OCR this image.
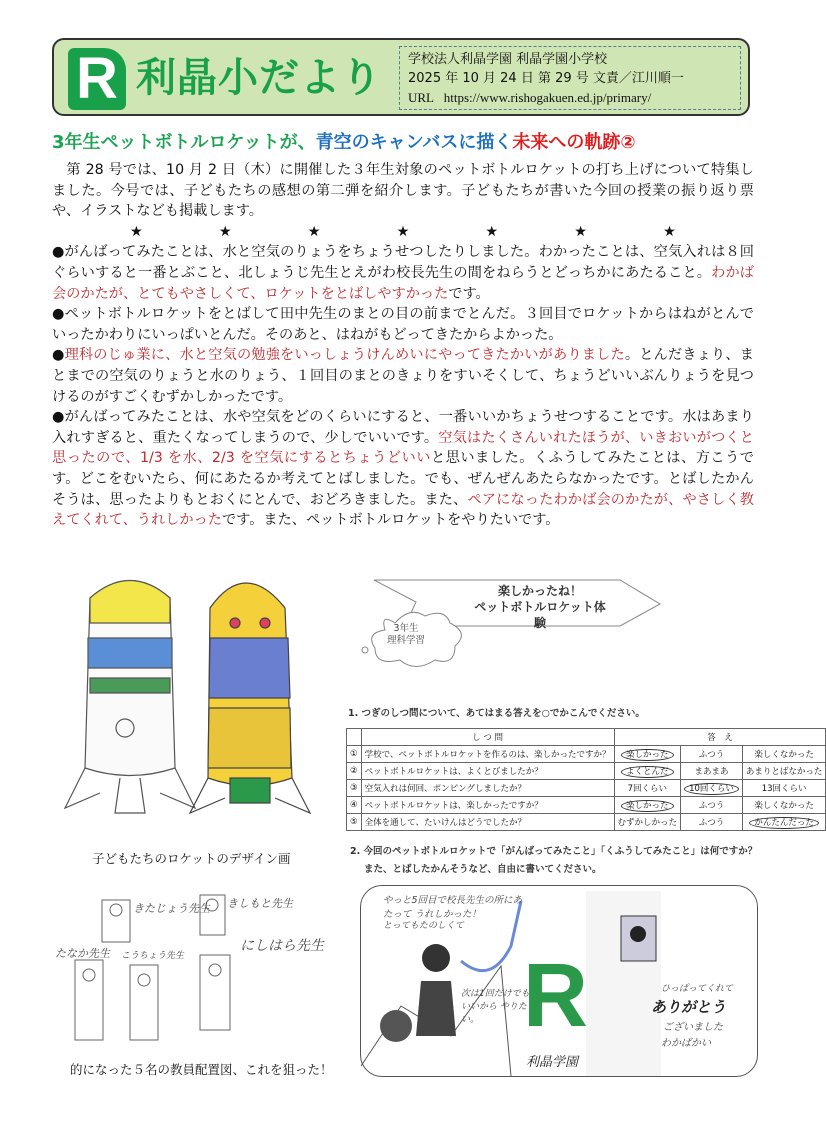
R 利晶小だより 学校法人利晶学園 利晶学園小学校
2025 年 10 月 24 日 第 29 号 文責／江川順一
URL https://www.rishogakuen.ed.jp/primary/
3年生ペットボトルロケットが、青空のキャンバスに描く未来への軌跡②

　第 28 号では、10 月 2 日（木）に開催した３年生対象のペットボトルロケットの打ち上げについて特集しました。今号では、子どもたちの感想の第二弾を紹介します。子どもたちが書いた今回の授業の振り返り票や、イラストなども掲載します。

★	★	★	★	★	★	★

●がんばってみたことは、水と空気のりょうをちょうせつしたりしました。わかったことは、空気入れは８回ぐらいすると一番とぶこと、北しょうじ先生とえがわ校長先生の間をねらうとどっちかにあたること。わかば会のかたが、とてもやさしくて、ロケットをとばしやすかったです。

●ペットボトルロケットをとばして田中先生のまとの目の前までとんだ。３回目でロケットからはねがとんでいったかわりにいっぱいとんだ。そのあと、はねがもどってきたからよかった。

●理科のじゅ業に、水と空気の勉強をいっしょうけんめいにやってきたかいがありました。とんだきょり、まとまでの空気のりょうと水のりょう、１回目のまとのきょりをすいそくして、ちょうどいいぶんりょうを見つけるのがすごくむずかしかったです。

●がんばってみたことは、水や空気をどのくらいにすると、一番いいかちょうせつすることです。水はあまり入れすぎると、重たくなってしまうので、少しでいいです。空気はたくさんいれたほうが、いきおいがつくと思ったので、1/3 を水、2/3 を空気にするとちょうどいいと思いました。くふうしてみたことは、方こうです。どこをむいたら、何にあたるか考えてとばしました。でも、ぜんぜんあたらなかったです。とばしたかんそうは、思ったよりもとおくにとんで、おどろきました。また、ペアになったわかば会のかたが、やさしく教えてくれて、うれしかったです。また、ペットボトルロケットをやりたいです。

子どもたちのロケットのデザイン画
きたじょう先生 きしもと先生
にしはら先生
たなか先生 こうちょう先生
的になった５名の教員配置図、これを狙った！
楽しかったね！
ペットボトルロケット体験
3年生
理科学習
1. つぎのしつ問について、あてはまる答えを○でかこんでください。
	し つ 問	答　え		
①	学校で、ペットボトルロケットを作るのは、楽しかったですか？	楽しかった	ふつう	楽しくなかった
②	ペットボトルロケットは、よくとびましたか？	よくとんだ	まあまあ	あまりとばなかった
③	空気入れは何回、ポンピングしましたか？	7回くらい	10回くらい	13回くらい
④	ペットボトルロケットは、楽しかったですか？	楽しかった	ふつう	楽しくなかった
⑤	全体を通して、たいけんはどうでしたか？	むずかしかった	ふつう	かんたんだった
2. 今回のペットボトルロケットで「がんばってみたこと」「くふうしてみたこと」は何ですか？
また、とばしたかんそうなど、自由に書いてください。
R
やっと5回目で校長先生の所にあたって うれしかった！
とってもたのしくて
次は1回だけでもいいから やりたい。
ひっぱってくれて
ありがとう
ございました
わかばかい
利晶学園
